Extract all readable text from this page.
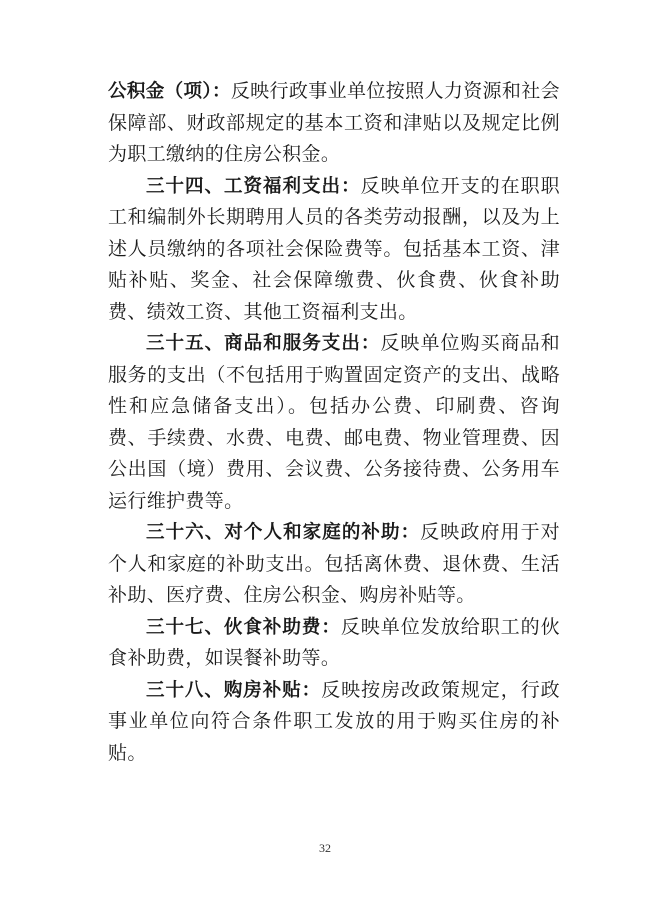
公积金（项）：反映行政事业单位按照人力资源和社会保障部、财政部规定的基本工资和津贴以及规定比例为职工缴纳的住房公积金。

三十四、工资福利支出：反映单位开支的在职职工和编制外长期聘用人员的各类劳动报酬，以及为上述人员缴纳的各项社会保险费等。包括基本工资、津贴补贴、奖金、社会保障缴费、伙食费、伙食补助费、绩效工资、其他工资福利支出。

三十五、商品和服务支出：反映单位购买商品和服务的支出（不包括用于购置固定资产的支出、战略性和应急储备支出）。包括办公费、印刷费、咨询费、手续费、水费、电费、邮电费、物业管理费、因公出国（境）费用、会议费、公务接待费、公务用车运行维护费等。

三十六、对个人和家庭的补助：反映政府用于对个人和家庭的补助支出。包括离休费、退休费、生活补助、医疗费、住房公积金、购房补贴等。

三十七、伙食补助费：反映单位发放给职工的伙食补助费，如误餐补助等。

三十八、购房补贴：反映按房改政策规定，行政事业单位向符合条件职工发放的用于购买住房的补贴。

32
